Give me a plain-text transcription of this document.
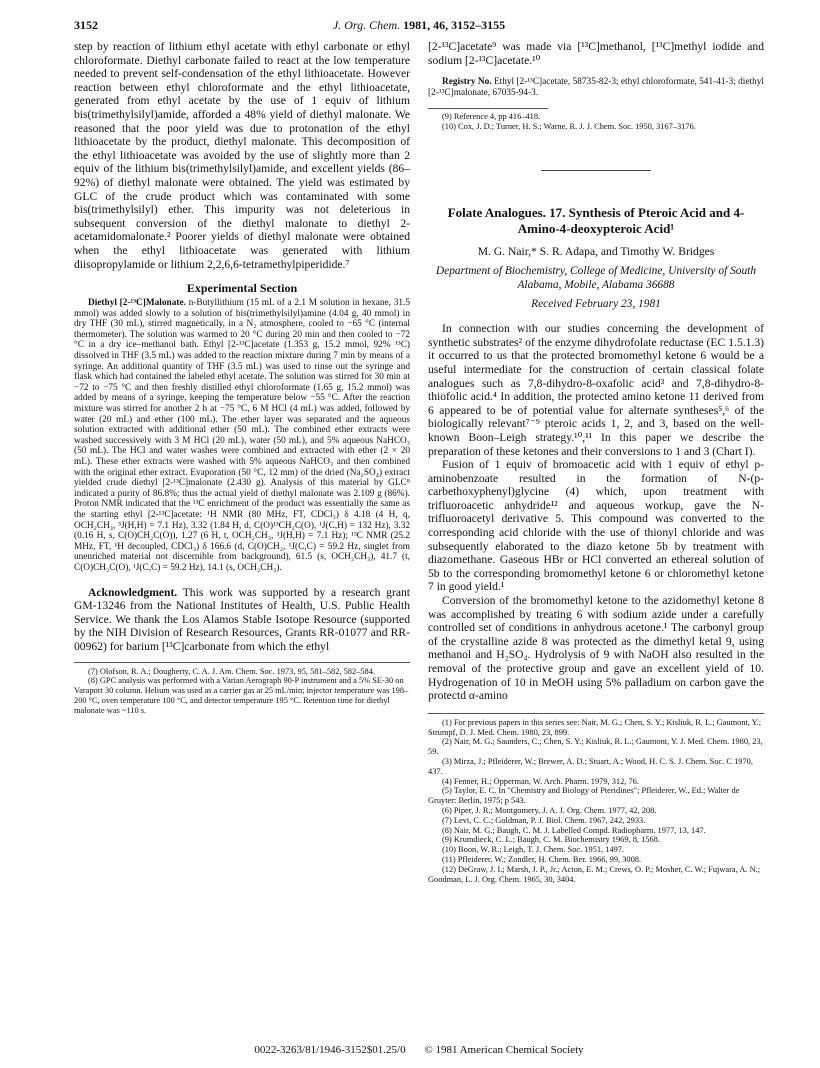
3152	J. Org. Chem. 1981, 46, 3152–3155

step by reaction of lithium ethyl acetate with ethyl carbonate or ethyl chloroformate. Diethyl carbonate failed to react at the low temperature needed to prevent self-condensation of the ethyl lithioacetate. However reaction between ethyl chloroformate and the ethyl lithioacetate, generated from ethyl acetate by the use of 1 equiv of lithium bis(trimethylsilyl)amide, afforded a 48% yield of diethyl malonate. We reasoned that the poor yield was due to protonation of the ethyl lithioacetate by the product, diethyl malonate. This decomposition of the ethyl lithioacetate was avoided by the use of slightly more than 2 equiv of the lithium bis(trimethylsilyl)amide, and excellent yields (86–92%) of diethyl malonate were obtained. The yield was estimated by GLC of the crude product which was contaminated with some bis(trimethylsilyl) ether. This impurity was not deleterious in subsequent conversion of the diethyl malonate to diethyl 2-acetamidomalonate.² Poorer yields of diethyl malonate were obtained when the ethyl lithioacetate was generated with lithium diisopropylamide or lithium 2,2,6,6-tetramethylpiperidide.⁷

Experimental Section

Diethyl [2-¹³C]Malonate. n-Butyllithium (15 mL of a 2.1 M solution in hexane, 31.5 mmol) was added slowly to a solution of bis(trimethylsilyl)amine (4.04 g, 40 mmol) in dry THF (30 mL), stirred magnetically, in a N₂ atmosphere, cooled to −65 °C (internal thermometer). The solution was warmed to 20 °C during 20 min and then cooled to −72 °C in a dry ice–methanol bath. Ethyl [2-¹³C]acetate (1.353 g, 15.2 mmol, 92% ¹³C) dissolved in THF (3.5 mL) was added to the reaction mixture during 7 min by means of a syringe. An additional quantity of THF (3.5 mL) was used to rinse out the syringe and flask which had contained the labeled ethyl acetate. The solution was stirred for 30 min at −72 to −75 °C and then freshly distilled ethyl chloroformate (1.65 g, 15.2 mmol) was added by means of a syringe, keeping the temperature below −55 °C. After the reaction mixture was stirred for another 2 h at −75 °C, 6 M HCl (4 mL) was added, followed by water (20 mL) and ether (100 mL). The ether layer was separated and the aqueous solution extracted with additional ether (50 mL). The combined ether extracts were washed successively with 3 M HCl (20 mL), water (50 mL), and 5% aqueous NaHCO₃ (50 mL). The HCl and water washes were combined and extracted with ether (2 × 20 mL). These ether extracts were washed with 5% aqueous NaHCO₃ and then combined with the original ether extract. Evaporation (50 °C, 12 mm) of the dried (Na₂SO₄) extract yielded crude diethyl [2-¹³C]malonate (2.430 g). Analysis of this material by GLC⁸ indicated a purity of 86.8%; thus the actual yield of diethyl malonate was 2.109 g (86%). Proton NMR indicated that the ¹³C enrichment of the product was essentially the same as the starting ethyl [2-¹³C]acetate: ¹H NMR (80 MHz, FT, CDCl₃) δ 4.18 (4 H, q, OCH₂CH₃, ³J(H,H) = 7.1 Hz), 3.32 (1.84 H, d, C(O)¹³CH₂C(O), ¹J(C,H) = 132 Hz), 3.32 (0.16 H, s, C(O)CH₂C(O)), 1.27 (6 H, t, OCH₂CH₃, ³J(H,H) = 7.1 Hz); ¹³C NMR (25.2 MHz, FT, ¹H decoupled, CDCl₃) δ 166.6 (d, C(O)CH₂, ¹J(C,C) = 59.2 Hz, singlet from unenriched material not discernible from background), 61.5 (s, OCH₂CH₃), 41.7 (t, C(O)CH₂C(O), ¹J(C,C) = 59.2 Hz), 14.1 (s, OCH₂CH₃).

Acknowledgment. This work was supported by a research grant GM-13246 from the National Institutes of Health, U.S. Public Health Service. We thank the Los Alamos Stable Isotope Resource (supported by the NIH Division of Research Resources, Grants RR-01077 and RR-00962) for barium [¹³C]carbonate from which the ethyl

(7) Olofson, R. A.; Dougherty, C. A. J. Am. Chem. Soc. 1973, 95, 581–582, 582–584.

(8) GPC analysis was performed with a Varian Aerograph 90-P instrument and a 5% SE-30 on Varaport 30 column. Helium was used as a carrier gas at 25 mL/min; injector temperature was 198–200 °C, oven temperature 100 °C, and detector temperature 195 °C. Retention time for diethyl malonate was ~110 s.

[2-¹³C]acetate⁹ was made via [¹³C]methanol, [¹³C]methyl iodide and sodium [2-¹³C]acetate.¹⁰

Registry No. Ethyl [2-¹³C]acetate, 58735-82-3; ethyl chloroformate, 541-41-3; diethyl [2-¹³C]malonate, 67035-94-3.

(9) Reference 4, pp 416–418.

(10) Cox, J. D.; Turner, H. S.; Warne, R. J. J. Chem. Soc. 1950, 3167–3176.

Folate Analogues. 17. Synthesis of Pteroic Acid and 4-Amino-4-deoxypteroic Acid¹
M. G. Nair,* S. R. Adapa, and Timothy W. Bridges
Department of Biochemistry, College of Medicine, University of South Alabama, Mobile, Alabama 36688
Received February 23, 1981

In connection with our studies concerning the development of synthetic substrates² of the enzyme dihydrofolate reductase (EC 1.5.1.3) it occurred to us that the protected bromomethyl ketone 6 would be a useful intermediate for the construction of certain classical folate analogues such as 7,8-dihydro-8-oxafolic acid³ and 7,8-dihydro-8-thiofolic acid.⁴ In addition, the protected amino ketone 11 derived from 6 appeared to be of potential value for alternate syntheses⁵,⁶ of the biologically relevant⁷⁻⁹ pteroic acids 1, 2, and 3, based on the well-known Boon–Leigh strategy.¹⁰,¹¹ In this paper we describe the preparation of these ketones and their conversions to 1 and 3 (Chart I).

Fusion of 1 equiv of bromoacetic acid with 1 equiv of ethyl p-aminobenzoate resulted in the formation of N-(p-carbethoxyphenyl)glycine (4) which, upon treatment with trifluoroacetic anhydride¹² and aqueous workup, gave the N-trifluoroacetyl derivative 5. This compound was converted to the corresponding acid chloride with the use of thionyl chloride and was subsequently elaborated to the diazo ketone 5b by treatment with diazomethane. Gaseous HBr or HCl converted an ethereal solution of 5b to the corresponding bromomethyl ketone 6 or chloromethyl ketone 7 in good yield.¹

Conversion of the bromomethyl ketone to the azidomethyl ketone 8 was accomplished by treating 6 with sodium azide under a carefully controlled set of conditions in anhydrous acetone.¹ The carbonyl group of the crystalline azide 8 was protected as the dimethyl ketal 9, using methanol and H₂SO₄. Hydrolysis of 9 with NaOH also resulted in the removal of the protective group and gave an excellent yield of 10. Hydrogenation of 10 in MeOH using 5% palladium on carbon gave the protectd α-amino

(1) For previous papers in this series see: Nair, M. G.; Chen, S. Y.; Kisliuk, R. L.; Gaumont, Y.; Strumpf, D. J. Med. Chem. 1980, 23, 899.

(2) Nair, M. G.; Saunders, C.; Chen, S. Y.; Kisliuk, R. L.; Gaumont, Y. J. Med. Chem. 1980, 23, 59.

(3) Mirza, J.; Pfleiderer, W.; Brewer, A. D.; Stuart, A.; Wood, H. C. S. J. Chem. Soc. C 1970, 437.

(4) Fenner, H.; Opperman, W. Arch. Pharm. 1979, 312, 76.

(5) Taylor, E. C. In "Chemistry and Biology of Pteridines"; Pfleiderer, W., Ed.; Walter de Gruyter: Berlin, 1975; p 543.

(6) Piper, J. R.; Montgomery, J. A. J. Org. Chem. 1977, 42, 208.

(7) Levi, C. C.; Goldman, P. J. Biol. Chem. 1967, 242, 2933.

(8) Nair, M. G.; Baugh, C. M. J. Labelled Compd. Radiopharm. 1977, 13, 147.

(9) Krumdieck, C. L.; Baugh, C. M. Biochemistry 1969, 8, 1568.

(10) Boon, W. R.; Leigh, T. J. Chem. Soc. 1951, 1497.

(11) Pfleiderer, W.; Zondler, H. Chem. Ber. 1966, 99, 3008.

(12) DeGraw, J. I.; Marsh, J. P., Jr.; Acton, E. M.; Crews, O. P.; Mosher, C. W.; Fujwara, A. N.; Goodman, L. J. Org. Chem. 1965, 30, 3404.

0022-3263/81/1946-3152$01.25/0 © 1981 American Chemical Society
